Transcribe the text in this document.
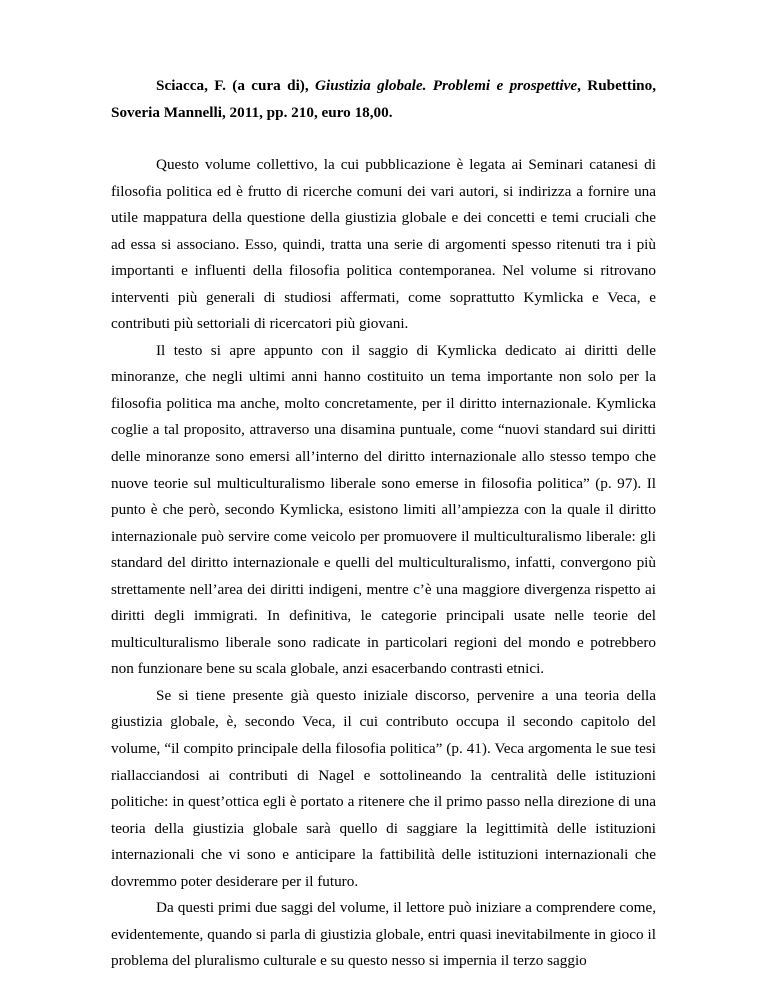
Sciacca, F. (a cura di), Giustizia globale. Problemi e prospettive, Rubettino, Soveria Mannelli, 2011, pp. 210, euro 18,00.

Questo volume collettivo, la cui pubblicazione è legata ai Seminari catanesi di filosofia politica ed è frutto di ricerche comuni dei vari autori, si indirizza a fornire una utile mappatura della questione della giustizia globale e dei concetti e temi cruciali che ad essa si associano. Esso, quindi, tratta una serie di argomenti spesso ritenuti tra i più importanti e influenti della filosofia politica contemporanea. Nel volume si ritrovano interventi più generali di studiosi affermati, come soprattutto Kymlicka e Veca, e contributi più settoriali di ricercatori più giovani.

Il testo si apre appunto con il saggio di Kymlicka dedicato ai diritti delle minoranze, che negli ultimi anni hanno costituito un tema importante non solo per la filosofia politica ma anche, molto concretamente, per il diritto internazionale. Kymlicka coglie a tal proposito, attraverso una disamina puntuale, come “nuovi standard sui diritti delle minoranze sono emersi all’interno del diritto internazionale allo stesso tempo che nuove teorie sul multiculturalismo liberale sono emerse in filosofia politica” (p. 97). Il punto è che però, secondo Kymlicka, esistono limiti all’ampiezza con la quale il diritto internazionale può servire come veicolo per promuovere il multiculturalismo liberale: gli standard del diritto internazionale e quelli del multiculturalismo, infatti, convergono più strettamente nell’area dei diritti indigeni, mentre c’è una maggiore divergenza rispetto ai diritti degli immigrati. In definitiva, le categorie principali usate nelle teorie del multiculturalismo liberale sono radicate in particolari regioni del mondo e potrebbero non funzionare bene su scala globale, anzi esacerbando contrasti etnici.

Se si tiene presente già questo iniziale discorso, pervenire a una teoria della giustizia globale, è, secondo Veca, il cui contributo occupa il secondo capitolo del volume, “il compito principale della filosofia politica” (p. 41). Veca argomenta le sue tesi riallacciandosi ai contributi di Nagel e sottolineando la centralità delle istituzioni politiche: in quest’ottica egli è portato a ritenere che il primo passo nella direzione di una teoria della giustizia globale sarà quello di saggiare la legittimità delle istituzioni internazionali che vi sono e anticipare la fattibilità delle istituzioni internazionali che dovremmo poter desiderare per il futuro.

Da questi primi due saggi del volume, il lettore può iniziare a comprendere come, evidentemente, quando si parla di giustizia globale, entri quasi inevitabilmente in gioco il problema del pluralismo culturale e su questo nesso si impernia il terzo saggio
